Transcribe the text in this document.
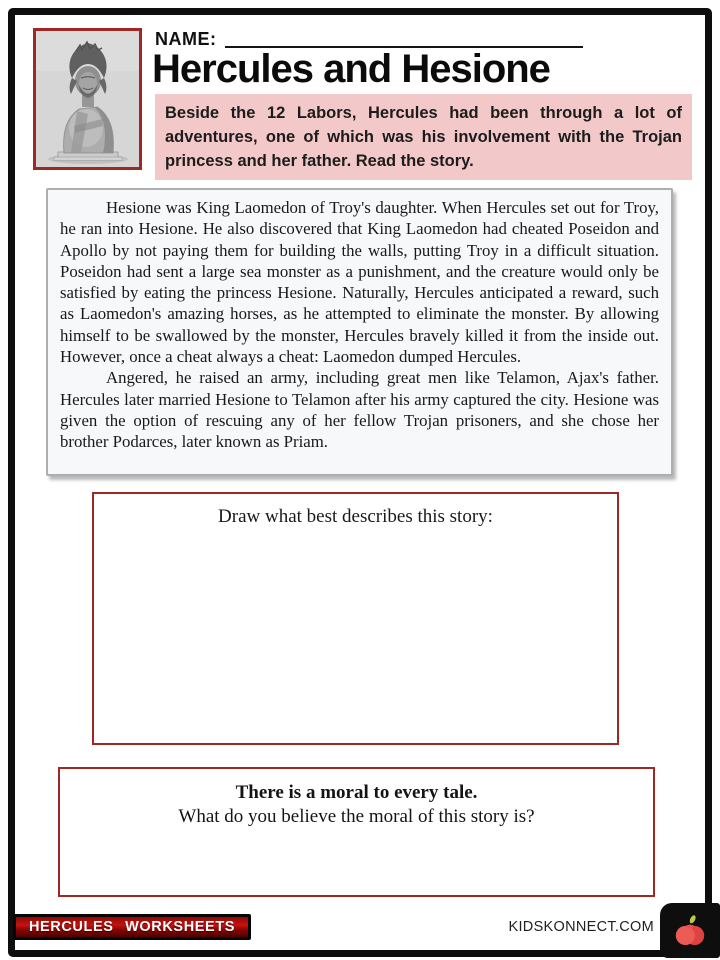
NAME:
Hercules and Hesione
Beside the 12 Labors, Hercules had been through a lot of adventures, one of which was his involvement with the Trojan princess and her father. Read the story.

Hesione was King Laomedon of Troy's daughter. When Hercules set out for Troy, he ran into Hesione. He also discovered that King Laomedon had cheated Poseidon and Apollo by not paying them for building the walls, putting Troy in a difficult situation. Poseidon had sent a large sea monster as a punishment, and the creature would only be satisfied by eating the princess Hesione. Naturally, Hercules anticipated a reward, such as Laomedon's amazing horses, as he attempted to eliminate the monster. By allowing himself to be swallowed by the monster, Hercules bravely killed it from the inside out. However, once a cheat always a cheat: Laomedon dumped Hercules.

Angered, he raised an army, including great men like Telamon, Ajax's father. Hercules later married Hesione to Telamon after his army captured the city. Hesione was given the option of rescuing any of her fellow Trojan prisoners, and she chose her brother Podarces, later known as Priam.

Draw what best describes this story:
There is a moral to every tale.
What do you believe the moral of this story is?
HERCULES WORKSHEETS	KIDSKONNECT.COM
